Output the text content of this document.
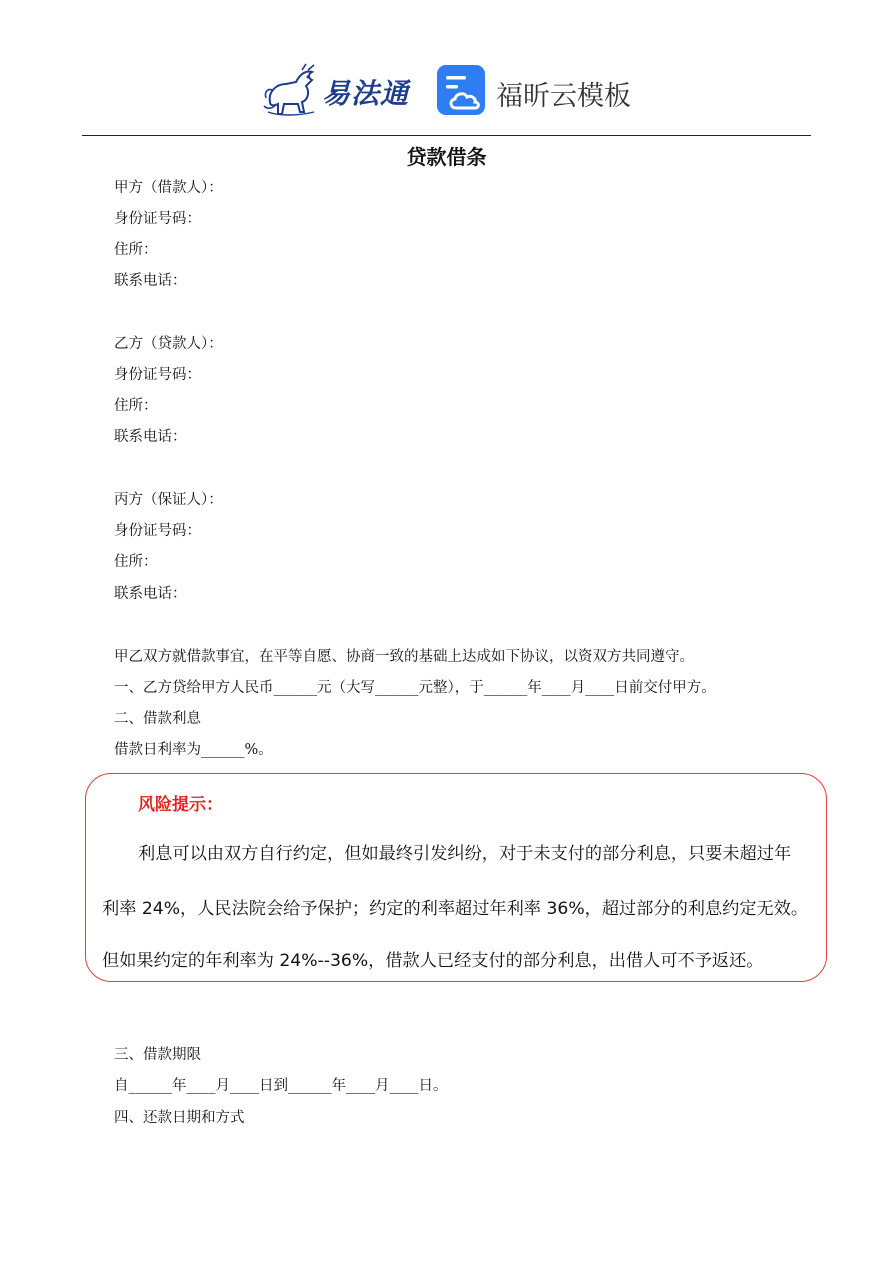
易法通	福昕云模板
贷款借条
甲方（借款人）：
身份证号码：
住所：
联系电话：
乙方（贷款人）：
身份证号码：
住所：
联系电话：
丙方（保证人）：
身份证号码：
住所：
联系电话：
甲乙双方就借款事宜，在平等自愿、协商一致的基础上达成如下协议，以资双方共同遵守。
一、乙方贷给甲方人民币______元（大写______元整），于______年____月____日前交付甲方。
二、借款利息
借款日利率为______%。
风险提示：
利息可以由双方自行约定，但如最终引发纠纷，对于未支付的部分利息，只要未超过年
利率 24%，人民法院会给予保护；约定的利率超过年利率 36%，超过部分的利息约定无效。
但如果约定的年利率为 24%--36%，借款人已经支付的部分利息，出借人可不予返还。
三、借款期限
自______年____月____日到______年____月____日。
四、还款日期和方式
